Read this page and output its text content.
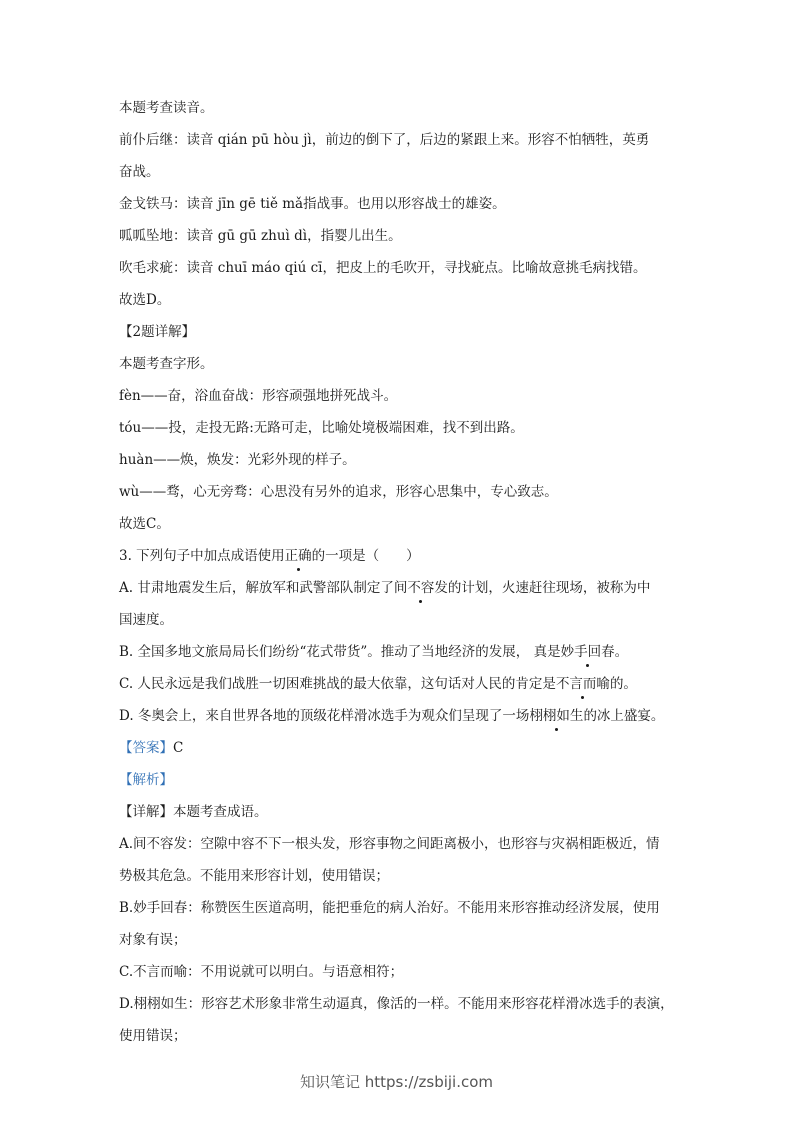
本题考查读音。

前仆后继：读音 qián pū hòu jì，前边的倒下了，后边的紧跟上来。形容不怕牺牲，英勇

奋战。

金戈铁马：读音 jīn gē tiě mǎ指战事。也用以形容战士的雄姿。

呱呱坠地：读音 gū gū zhuì dì，指婴儿出生。

吹毛求疵：读音 chuī máo qiú cī，把皮上的毛吹开，寻找疵点。比喻故意挑毛病找错。

故选D。

【2题详解】

本题考查字形。

fèn——奋，浴血奋战：形容顽强地拼死战斗。

tóu——投，走投无路:无路可走，比喻处境极端困难，找不到出路。

huàn——焕，焕发：光彩外现的样子。

wù——骛，心无旁骛：心思没有另外的追求，形容心思集中，专心致志。

故选C。

3. 下列句子中加点成语使用正确的一项是（　　）

A. 甘肃地震发生后，解放军和武警部队制定了间不容发的计划，火速赶往现场，被称为中

国速度。

B. 全国多地文旅局局长们纷纷“花式带货”。推动了当地经济的发展， 真是妙手回春。

C. 人民永远是我们战胜一切困难挑战的最大依靠，这句话对人民的肯定是不言而喻的。

D. 冬奥会上，来自世界各地的顶级花样滑冰选手为观众们呈现了一场栩栩如生的冰上盛宴。

【答案】C

【解析】

【详解】本题考查成语。

A.间不容发：空隙中容不下一根头发，形容事物之间距离极小，也形容与灾祸相距极近，情

势极其危急。不能用来形容计划，使用错误；

B.妙手回春：称赞医生医道高明，能把垂危的病人治好。不能用来形容推动经济发展，使用

对象有误；

C.不言而喻：不用说就可以明白。与语意相符；

D.栩栩如生：形容艺术形象非常生动逼真，像活的一样。不能用来形容花样滑冰选手的表演，

使用错误；

知识笔记 https://zsbiji.com
